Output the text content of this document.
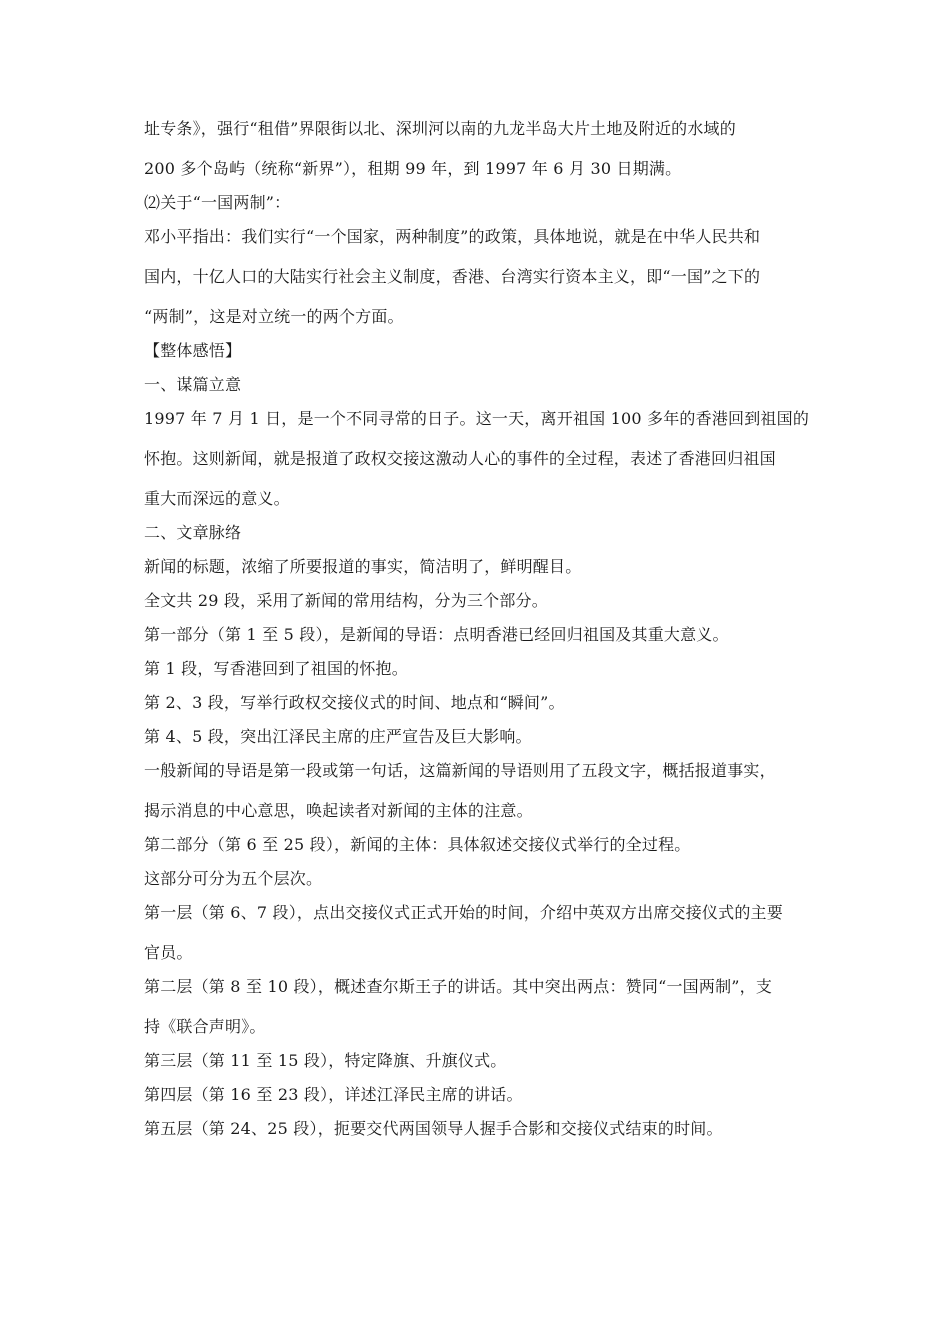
址专条》，强行“租借”界限街以北、深圳河以南的九龙半岛大片土地及附近的水域的

200 多个岛屿（统称“新界”），租期 99 年，到 1997 年 6 月 30 日期满。

⑵关于“一国两制”：

邓小平指出：我们实行“一个国家，两种制度”的政策，具体地说，就是在中华人民共和

国内，十亿人口的大陆实行社会主义制度，香港、台湾实行资本主义，即“一国”之下的

“两制”，这是对立统一的两个方面。

【整体感悟】

一、谋篇立意

1997 年 7 月 1 日，是一个不同寻常的日子。这一天，离开祖国 100 多年的香港回到祖国的

怀抱。这则新闻，就是报道了政权交接这激动人心的事件的全过程，表述了香港回归祖国

重大而深远的意义。

二、文章脉络

新闻的标题，浓缩了所要报道的事实，简洁明了，鲜明醒目。

全文共 29 段，采用了新闻的常用结构，分为三个部分。

第一部分（第 1 至 5 段），是新闻的导语：点明香港已经回归祖国及其重大意义。

第 1 段，写香港回到了祖国的怀抱。

第 2、3 段，写举行政权交接仪式的时间、地点和“瞬间”。

第 4、5 段，突出江泽民主席的庄严宣告及巨大影响。

一般新闻的导语是第一段或第一句话，这篇新闻的导语则用了五段文字，概括报道事实，

揭示消息的中心意思，唤起读者对新闻的主体的注意。

第二部分（第 6 至 25 段），新闻的主体：具体叙述交接仪式举行的全过程。

这部分可分为五个层次。

第一层（第 6、7 段），点出交接仪式正式开始的时间，介绍中英双方出席交接仪式的主要

官员。

第二层（第 8 至 10 段），概述查尔斯王子的讲话。其中突出两点：赞同“一国两制”，支

持《联合声明》。

第三层（第 11 至 15 段），特定降旗、升旗仪式。

第四层（第 16 至 23 段），详述江泽民主席的讲话。

第五层（第 24、25 段），扼要交代两国领导人握手合影和交接仪式结束的时间。
